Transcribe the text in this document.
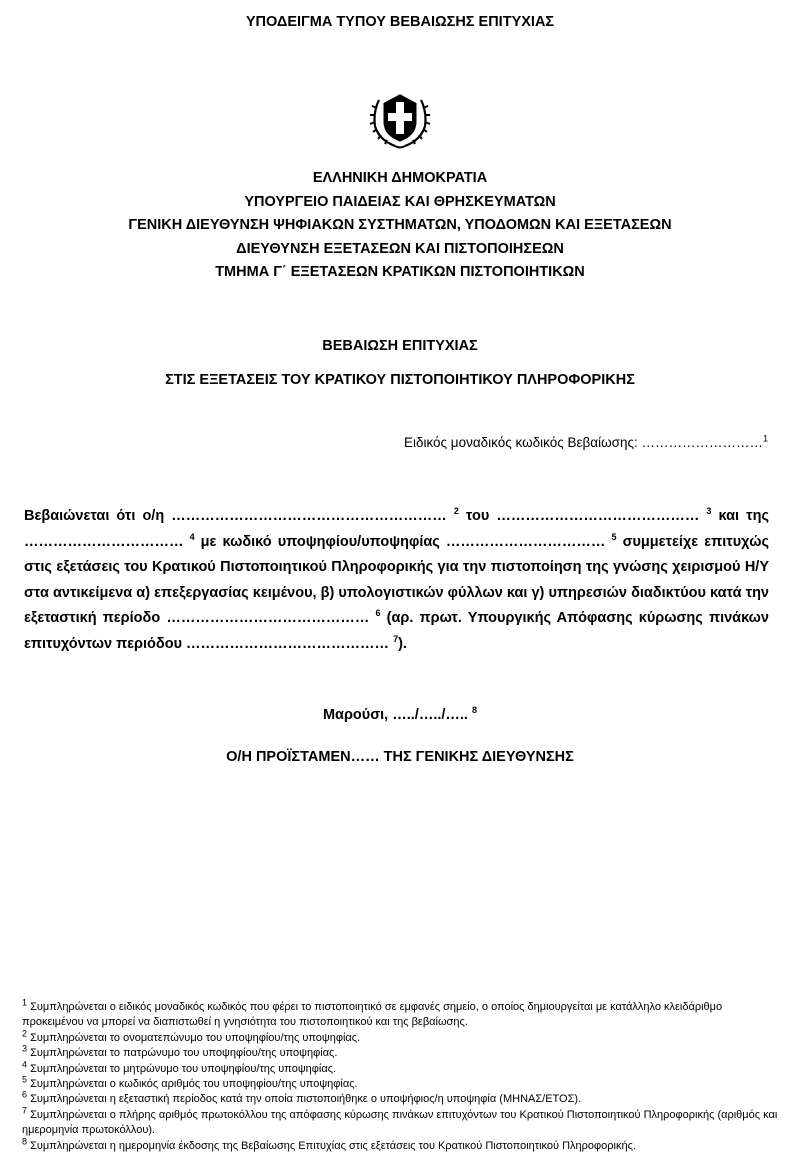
ΥΠΟΔΕΙΓΜΑ ΤΥΠΟΥ ΒΕΒΑΙΩΣΗΣ ΕΠΙΤΥΧΙΑΣ
ΕΛΛΗΝΙΚΗ ΔΗΜΟΚΡΑΤΙΑ
ΥΠΟΥΡΓΕΙΟ ΠΑΙΔΕΙΑΣ ΚΑΙ ΘΡΗΣΚΕΥΜΑΤΩΝ
ΓΕΝΙΚΗ ΔΙΕΥΘΥΝΣΗ ΨΗΦΙΑΚΩΝ ΣΥΣΤΗΜΑΤΩΝ, ΥΠΟΔΟΜΩΝ ΚΑΙ ΕΞΕΤΑΣΕΩΝ
ΔΙΕΥΘΥΝΣΗ ΕΞΕΤΑΣΕΩΝ ΚΑΙ ΠΙΣΤΟΠΟΙΗΣΕΩΝ
ΤΜΗΜΑ Γ΄ ΕΞΕΤΑΣΕΩΝ ΚΡΑΤΙΚΩΝ ΠΙΣΤΟΠΟΙΗΤΙΚΩΝ
ΒΕΒΑΙΩΣΗ ΕΠΙΤΥΧΙΑΣ
ΣΤΙΣ ΕΞΕΤΑΣΕΙΣ ΤΟΥ ΚΡΑΤΙΚΟΥ ΠΙΣΤΟΠΟΙΗΤΙΚΟΥ ΠΛΗΡΟΦΟΡΙΚΗΣ
Ειδικός μοναδικός κωδικός Βεβαίωσης: ………………………$^1$

Βεβαιώνεται ότι ο/η ………………………………………………… $^2$ του …………………………………… $^3$ και της …………………………… $^4$ με κωδικό υποψηφίου/υποψηφίας …………………………… $^5$ συμμετείχε επιτυχώς στις εξετάσεις του Κρατικού Πιστοποιητικού Πληροφορικής για την πιστοποίηση της γνώσης χειρισμού Η/Υ στα αντικείμενα α) επεξεργασίας κειμένου, β) υπολογιστικών φύλλων και γ) υπηρεσιών διαδικτύου κατά την εξεταστική περίοδο …………………………………… $^6$ (αρ. πρωτ. Υπουργικής Απόφασης κύρωσης πινάκων επιτυχόντων περιόδου …………………………………… $^7$).

Μαρούσι, …../…../….. $^8$
Ο/Η ΠΡΟΪΣΤΑΜΕΝ…… ΤΗΣ ΓΕΝΙΚΗΣ ΔΙΕΥΘΥΝΣΗΣ
$^1$ Συμπληρώνεται ο ειδικός μοναδικός κωδικός που φέρει το πιστοποιητικό σε εμφανές σημείο, ο οποίος δημιουργείται με κατάλληλο κλειδάριθμο προκειμένου να μπορεί να διαπιστωθεί η γνησιότητα του πιστοποιητικού και της βεβαίωσης.
$^2$ Συμπληρώνεται το ονοματεπώνυμο του υποψηφίου/της υποψηφίας.
$^3$ Συμπληρώνεται το πατρώνυμο του υποψηφίου/της υποψηφίας.
$^4$ Συμπληρώνεται το μητρώνυμο του υποψηφίου/της υποψηφίας.
$^5$ Συμπληρώνεται ο κωδικός αριθμός του υποψηφίου/της υποψηφίας.
$^6$ Συμπληρώνεται η εξεταστική περίοδος κατά την οποία πιστοποιήθηκε ο υποψήφιος/η υποψηφία (ΜΗΝΑΣ/ΕΤΟΣ).
$^7$ Συμπληρώνεται ο πλήρης αριθμός πρωτοκόλλου της απόφασης κύρωσης πινάκων επιτυχόντων του Κρατικού Πιστοποιητικού Πληροφορικής (αριθμός και ημερομηνία πρωτοκόλλου).
$^8$ Συμπληρώνεται η ημερομηνία έκδοσης της Βεβαίωσης Επιτυχίας στις εξετάσεις του Κρατικού Πιστοποιητικού Πληροφορικής.
